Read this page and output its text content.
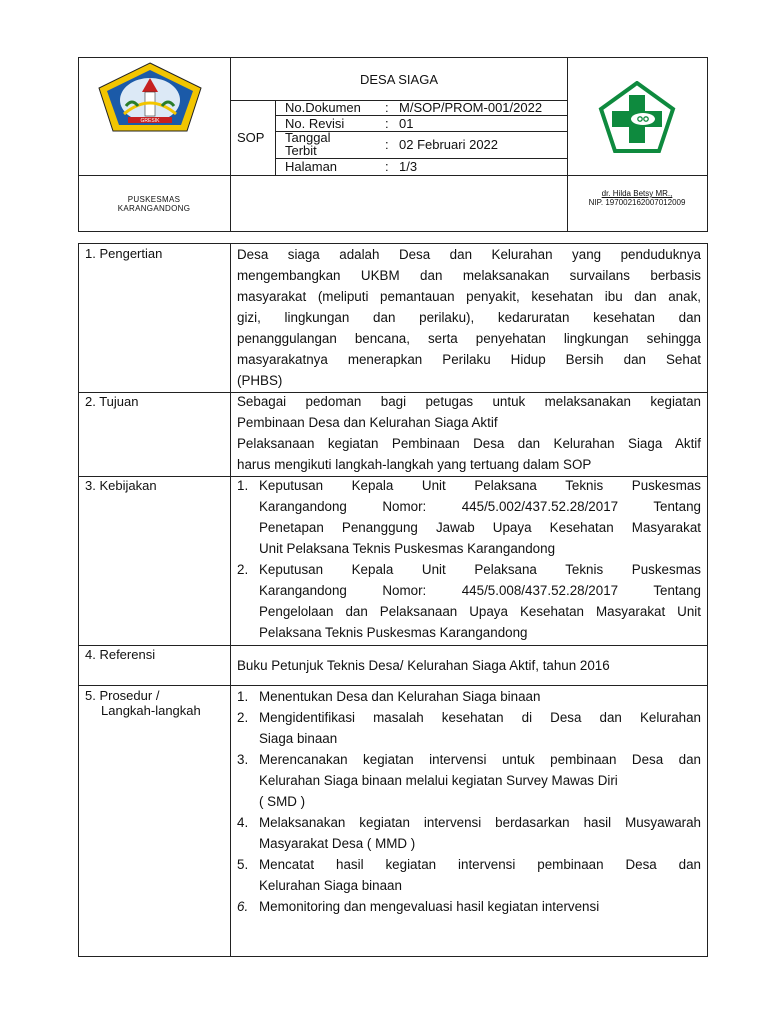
GRESIK
DESA SIAGA
SOP
No.Dokumen : M/SOP/PROM-001/2022
No. Revisi	: 01
Tanggal
Terbit	: 02 Februari 2022
Halaman	: 1/3
PUSKESMAS
KARANGANDONG
dr. Hilda Betsy MR.,
NIP. 197002162007012009
1. Pengertian	Desa siaga adalah Desa dan Kelurahan yang penduduknya

mengembangkan UKBM dan melaksanakan survailans berbasis

masyarakat (meliputi pemantauan penyakit, kesehatan ibu dan anak,

gizi, lingkungan dan perilaku), kedaruratan kesehatan dan

penanggulangan bencana, serta penyehatan lingkungan sehingga

masyarakatnya menerapkan Perilaku Hidup Bersih dan Sehat

(PHBS)

2. Tujuan	Sebagai pedoman bagi petugas untuk melaksanakan kegiatan

Pembinaan Desa dan Kelurahan Siaga Aktif

Pelaksanaan kegiatan Pembinaan Desa dan Kelurahan Siaga Aktif

harus mengikuti langkah-langkah yang tertuang dalam SOP

3. Kebijakan	1. Keputusan Kepala Unit Pelaksana Teknis Puskesmas

Karangandong Nomor: 445/5.002/437.52.28/2017 Tentang

Penetapan Penanggung Jawab Upaya Kesehatan Masyarakat

Unit Pelaksana Teknis Puskesmas Karangandong

2. Keputusan Kepala Unit Pelaksana Teknis Puskesmas

Karangandong Nomor: 445/5.008/437.52.28/2017 Tentang

Pengelolaan dan Pelaksanaan Upaya Kesehatan Masyarakat Unit

Pelaksana Teknis Puskesmas Karangandong

4. Referensi
Buku Petunjuk Teknis Desa/ Kelurahan Siaga Aktif, tahun 2016
5. Prosedur /
Langkah-langkah
1. Menentukan Desa dan Kelurahan Siaga binaan

2. Mengidentifikasi masalah kesehatan di Desa dan Kelurahan

Siaga binaan

3. Merencanakan kegiatan intervensi untuk pembinaan Desa dan

Kelurahan Siaga binaan melalui kegiatan Survey Mawas Diri

( SMD )

4. Melaksanakan kegiatan intervensi berdasarkan hasil Musyawarah

Masyarakat Desa ( MMD )

5. Mencatat hasil kegiatan intervensi pembinaan Desa dan

Kelurahan Siaga binaan

6. Memonitoring dan mengevaluasi hasil kegiatan intervensi
